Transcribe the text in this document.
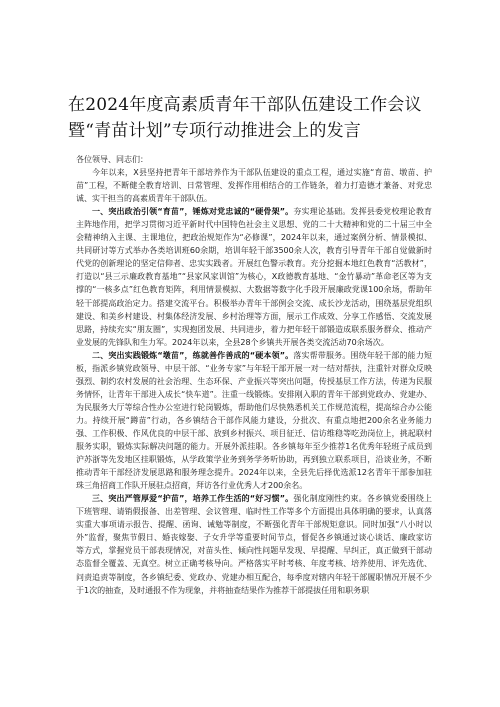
在2024年度高素质青年干部队伍建设工作会议暨“青苗计划”专项行动推进会上的发言

各位领导、同志们：

今年以来，X县坚持把青年干部培养作为干部队伍建设的重点工程，通过实施“育苗、墩苗、护苗”工程，不断健全教育培训、日常管理、发挥作用相结合的工作链条，着力打造德才兼备、对党忠诚、实干担当的高素质青年干部队伍。

一、突出政治引领“育苗”，锤炼对党忠诚的“硬骨架”。夯实理论基础。发挥县委党校理论教育主阵地作用，把学习贯彻习近平新时代中国特色社会主义思想、党的二十大精神和党的二十届三中全会精神纳入主课、主课地位，把政治规矩作为“必修课”，2024年以来，通过案例分析、情景模拟、共同研讨等方式举办各类培训班60余期，培训年轻干部3500余人次，教育引导青年干部自觉做新时代党的创新理论的坚定信仰者、忠实实践者。开展红色警示教育。充分挖掘本地红色教育“活教材”，打造以“县三示廉政教育基地”“县家风家训馆”为核心，X政德教育基地、“金竹暴动”革命老区等为支撑的“一核多点”红色教育矩阵，利用情景模拟、大数据等数字化手段开展廉政党课100余场，帮助年轻干部提高政治定力。搭建交流平台。积极举办青年干部例会交流、成长沙龙活动，围绕基层党组织建设、和美乡村建设、村集体经济发展、乡村治理等方面，展示工作成效、分享工作感悟、交流发展思路，持续充实“朋友圈”，实现抱团发展、共同进步，着力把年轻干部锻造成联系服务群众、推动产业发展的先锋队和生力军。2024年以来，全县28个乡镇共开展各类交流活动70余场次。

二、突出实践锻炼“墩苗”，练就善作善成的“硬本领”。落实帮带服务。围绕年轻干部的能力短板，指派乡镇党政领导、中层干部、“业务专家”与年轻干部开展一对一结对帮扶，注重针对群众反映强烈、制约农村发展的社会治理、生态环保、产业振兴等突出问题，传授基层工作方法，传递为民服务情怀，让青年干部进入成长“快车道”。注重一线锻炼。安排刚入职的青年干部到党政办、党建办、为民服务大厅等综合性办公室进行轮岗锻炼，帮助他们尽快熟悉机关工作规范流程，提高综合办公能力。持续开展“蹲苗”行动，各乡镇结合干部作风能力建设，分批次、有重点地把200余名业务能力强、工作积极、作风优良的中层干部、放到乡村振兴、项目征迁、信访维稳等吃劲岗位上，挑起联村服务实职，锻炼实际解决问题的能力。开展外派挂职。各乡镇每年至少推荐1名优秀年轻班子成员到沪苏浙等先发地区挂职锻炼，从学政策学业务到务学务听协助，再到独立联系项目，沿谈业务，不断推动青年干部经济发展思路和服务理念提升。2024年以来，全县先后择优选派12名青年干部参加驻珠三角招商工作队开展驻点招商，拜访各行业优秀人才200余名。

三、突出严管厚爱“护苗”，培养工作生活的“好习惯”。强化制度刚性约束。各乡镇党委围绕上下班管理、请销假报备、出差管理、会议管理、临时性工作等多个方面提出具体明确的要求，认真落实重大事项请示报告、提醒、函询、诫勉等制度，不断强化青年干部规矩意识。同时加强“八小时以外”监督，聚焦节假日、婚丧嫁娶、子女升学等重要时间节点，督促各乡镇通过谈心谈话、廉政家访等方式，掌握党员干部表现情况，对苗头性、倾向性问题早发现、早提醒、早纠正，真正做到干部动态监督全覆盖、无真空。树立正确考核导向。严格落实平时考核、年度考核、培养使用、评先选优、问责追责等制度，各乡镇纪委、党政办、党建办相互配合，每季度对辖内年轻干部履职情况开展不少于1次的抽查，及时通报不作为现象，并将抽查结果作为推荐干部提拔任用和职务职
